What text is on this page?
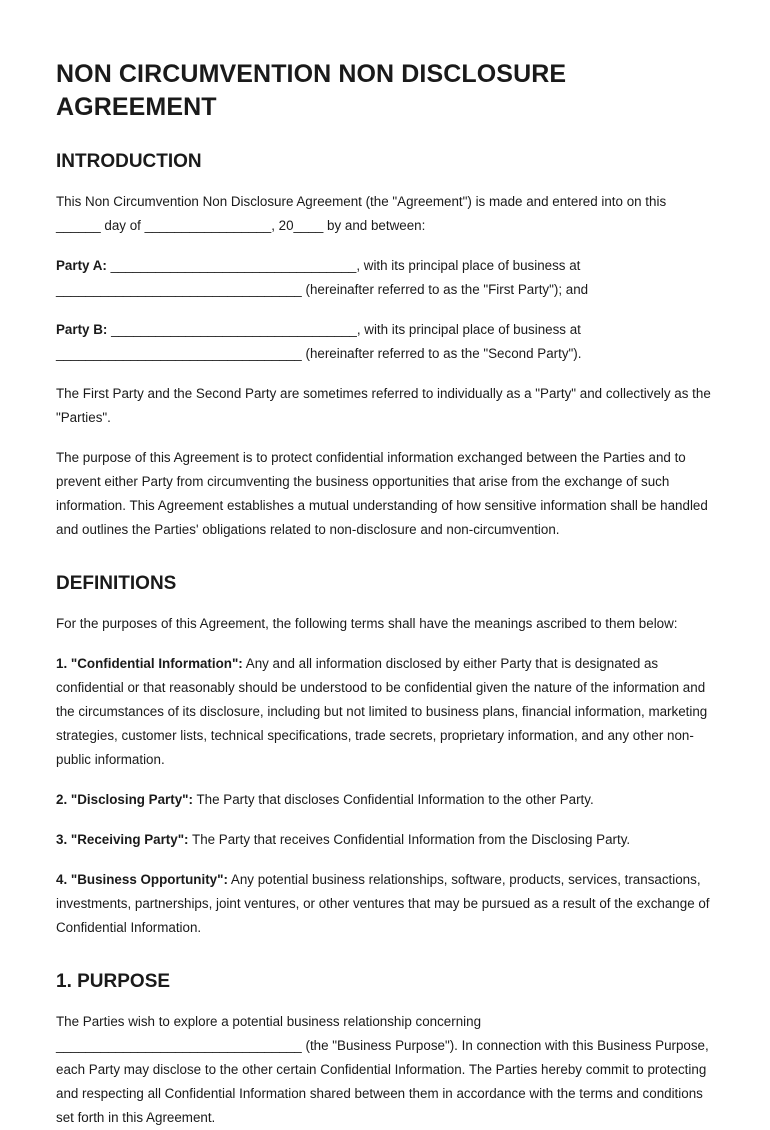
NON CIRCUMVENTION NON DISCLOSURE AGREEMENT
INTRODUCTION

This Non Circumvention Non Disclosure Agreement (the "Agreement") is made and entered into on this ______ day of _________________, 20____ by and between:

Party A: _________________________________, with its principal place of business at _________________________________ (hereinafter referred to as the "First Party"); and

Party B: _________________________________, with its principal place of business at _________________________________ (hereinafter referred to as the "Second Party").

The First Party and the Second Party are sometimes referred to individually as a "Party" and collectively as the "Parties".

The purpose of this Agreement is to protect confidential information exchanged between the Parties and to prevent either Party from circumventing the business opportunities that arise from the exchange of such information. This Agreement establishes a mutual understanding of how sensitive information shall be handled and outlines the Parties' obligations related to non-disclosure and non-circumvention.

DEFINITIONS

For the purposes of this Agreement, the following terms shall have the meanings ascribed to them below:

1. "Confidential Information": Any and all information disclosed by either Party that is designated as confidential or that reasonably should be understood to be confidential given the nature of the information and the circumstances of its disclosure, including but not limited to business plans, financial information, marketing strategies, customer lists, technical specifications, trade secrets, proprietary information, and any other non-public information.

2. "Disclosing Party": The Party that discloses Confidential Information to the other Party.

3. "Receiving Party": The Party that receives Confidential Information from the Disclosing Party.

4. "Business Opportunity": Any potential business relationships, software, products, services, transactions, investments, partnerships, joint ventures, or other ventures that may be pursued as a result of the exchange of Confidential Information.

1. PURPOSE

The Parties wish to explore a potential business relationship concerning _________________________________ (the "Business Purpose"). In connection with this Business Purpose, each Party may disclose to the other certain Confidential Information. The Parties hereby commit to protecting and respecting all Confidential Information shared between them in accordance with the terms and conditions set forth in this Agreement.
